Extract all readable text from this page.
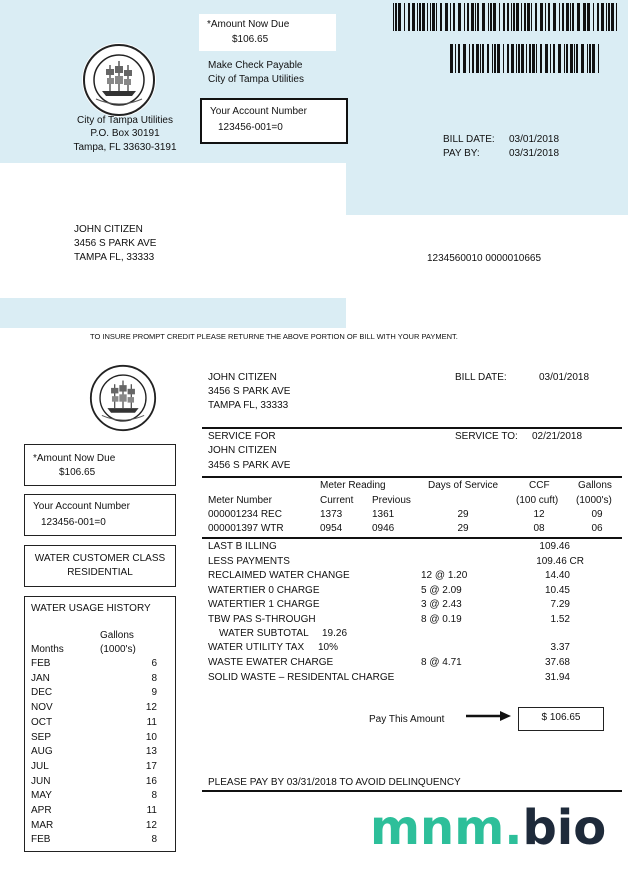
*Amount Now Due
$106.65
Make Check Payable
City of Tampa Utilities
Your Account Number
123456-001=0
City of Tampa Utilities
P.O. Box 30191
Tampa, FL 33630-3191
BILL DATE: 03/01/2018
PAY BY:	03/31/2018
JOHN CITIZEN
3456 S PARK AVE
TAMPA FL, 33333	1234560010 0000010665
TO INSURE PROMPT CREDIT PLEASE RETURNE THE ABOVE PORTION OF BILL WITH YOUR PAYMENT.
*Amount Now Due
$106.65
Your Account Number
123456-001=0
WATER CUSTOMER CLASS
RESIDENTIAL
WATER USAGE HISTORY
Gallons
Months	(1000's)
FEB	6
JAN	8
DEC	9
NOV	12
OCT	11
SEP	10
AUG	13
JUL	17
JUN	16
MAY	8
APR	11
MAR	12
FEB	8
JOHN CITIZEN
3456 S PARK AVE
TAMPA FL, 33333
BILL DATE:	03/01/2018
SERVICE FOR
JOHN CITIZEN
3456 S PARK AVE
SERVICE TO: 02/21/2018
Meter Reading	Days of Service	CCF	Gallons
Meter Number	Current Previous	(100 cuft) (1000's)
000001234 REC	1373	1361	29	12	09
000001397 WTR	0954	0946	29	08	06
LAST B ILLING	109.46
LESS PAYMENTS	109.46 CR
RECLAIMED WATER CHANGE	12 @ 1.20	14.40
WATERTIER 0 CHARGE	5 @ 2.09	10.45
WATERTIER 1 CHARGE	3 @ 2.43	7.29
TBW PAS S-THROUGH	8 @ 0.19	1.52
WATER SUBTOTAL 19.26
WATER UTILITY TAX 10%	3.37
WASTE EWATER CHARGE	8 @ 4.71	37.68
SOLID WASTE – RESIDENTAL CHARGE	31.94
Pay This Amount	$ 106.65
PLEASE PAY BY 03/31/2018 TO AVOID DELINQUENCY
mnm.bio
